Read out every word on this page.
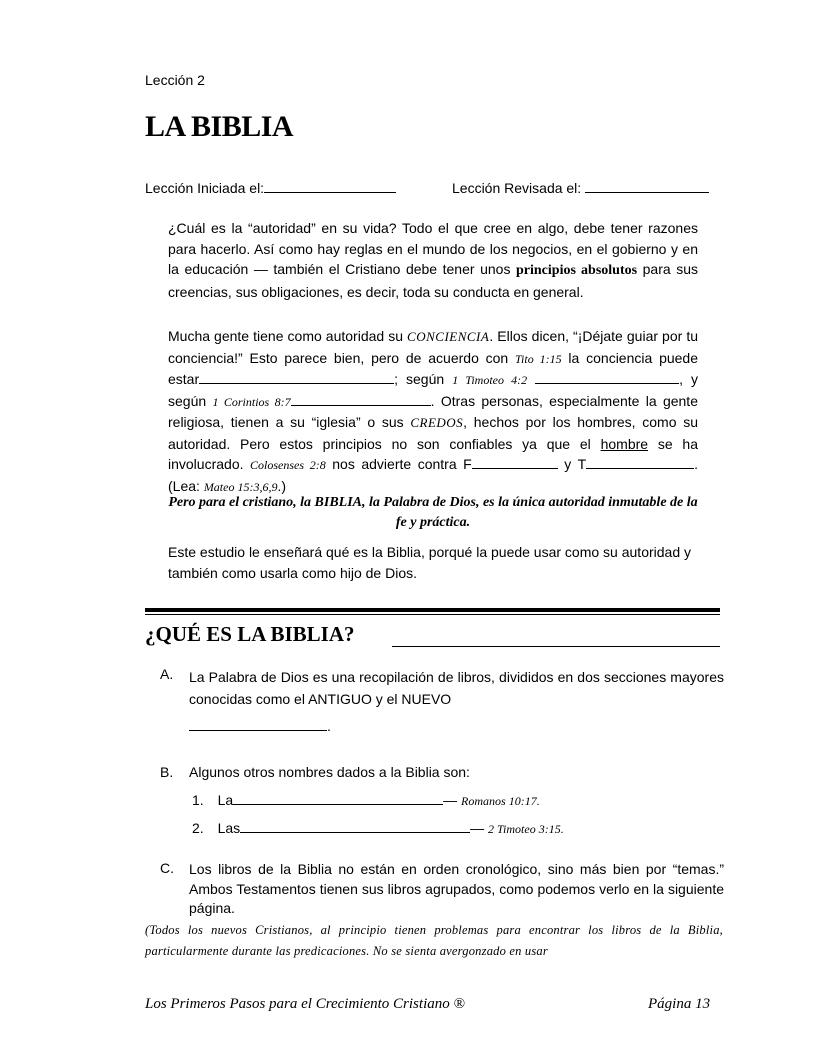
Lección 2
LA BIBLIA
Lección Iniciada el:	Lección Revisada el:
¿Cuál es la “autoridad” en su vida? Todo el que cree en algo, debe tener razones para hacerlo. Así como hay reglas en el mundo de los negocios, en el gobierno y en la educación — también el Cristiano debe tener unos principios absolutos para sus creencias, sus obligaciones, es decir, toda su conducta en general.
Mucha gente tiene como autoridad su CONCIENCIA. Ellos dicen, “¡Déjate guiar por tu conciencia!” Esto parece bien, pero de acuerdo con Tito 1:15 la conciencia puede estar	; según 1 Timoteo 4:2	, y según 1 Corintios 8:7	. Otras personas, especialmente la gente religiosa, tienen a su “iglesia” o sus CREDOS, hechos por los hombres, como su autoridad. Pero estos principios no son confiables ya que el hombre se ha involucrado. Colosenses 2:8 nos advierte contra F	y T	. (Lea: Mateo 15:3,6,9.)
Pero para el cristiano, la BIBLIA, la Palabra de Dios, es la única autoridad inmutable de la fe y práctica.
Este estudio le enseñará qué es la Biblia, porqué la puede usar como su autoridad y también como usarla como hijo de Dios.
¿QUÉ ES LA BIBLIA?
A. La Palabra de Dios es una recopilación de libros, divididos en dos secciones mayores conocidas como el ANTIGUO y el NUEVO
.
B. Algunos otros nombres dados a la Biblia son:
1. La	— Romanos 10:17.
2. Las	— 2 Timoteo 3:15.
C. Los libros de la Biblia no están en orden cronológico, sino más bien por “temas.” Ambos Testamentos tienen sus libros agrupados, como podemos verlo en la siguiente página.
(Todos los nuevos Cristianos, al principio tienen problemas para encontrar los libros de la Biblia, particularmente durante las predicaciones. No se sienta avergonzado en usar
Los Primeros Pasos para el Crecimiento Cristiano ®	Página 13
